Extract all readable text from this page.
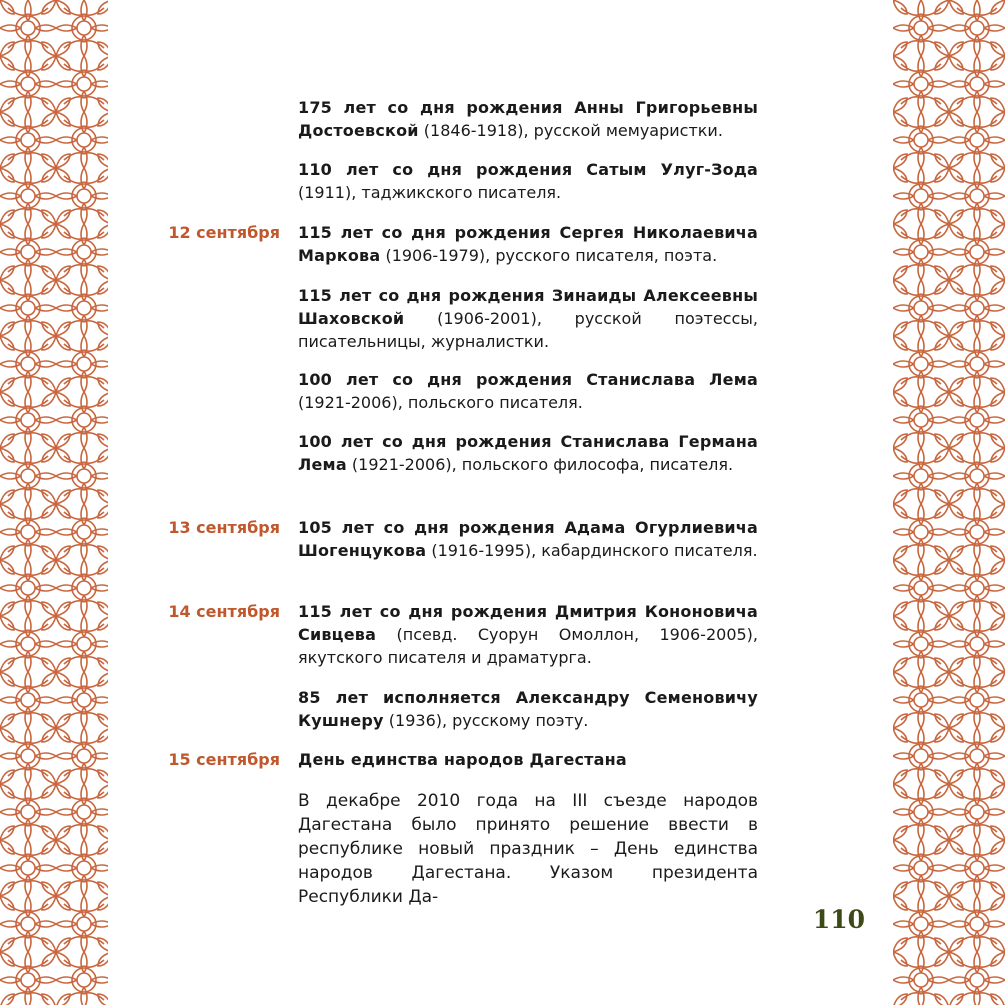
175 лет со дня рождения Анны Григорьевны Достоевской (1846-1918), русской мемуаристки.
110 лет со дня рождения Сатым Улуг-Зода (1911), таджикского писателя.
12 сентября 115 лет со дня рождения Сергея Николаевича Маркова (1906-1979), русского писателя, поэта.
115 лет со дня рождения Зинаиды Алексеевны Шаховской (1906-2001), русской поэтессы, писательницы, журналистки.
100 лет со дня рождения Станислава Лема (1921-2006), польского писателя.
100 лет со дня рождения Станислава Германа Лема (1921-2006), польского философа, писателя.
13 сентября 105 лет со дня рождения Адама Огурлиевича Шогенцукова (1916-1995), кабардинского писателя.
14 сентября 115 лет со дня рождения Дмитрия Кононовича Сивцева (псевд. Суорун Омоллон, 1906-2005), якутского писателя и драматурга.
85 лет исполняется Александру Семеновичу Кушнеру (1936), русскому поэту.
15 сентября День единства народов Дагестана
В декабре 2010 года на III съезде народов Дагестана было принято решение ввести в республике новый праздник – День единства народов Дагестана. Указом президента Республики Да-
110
